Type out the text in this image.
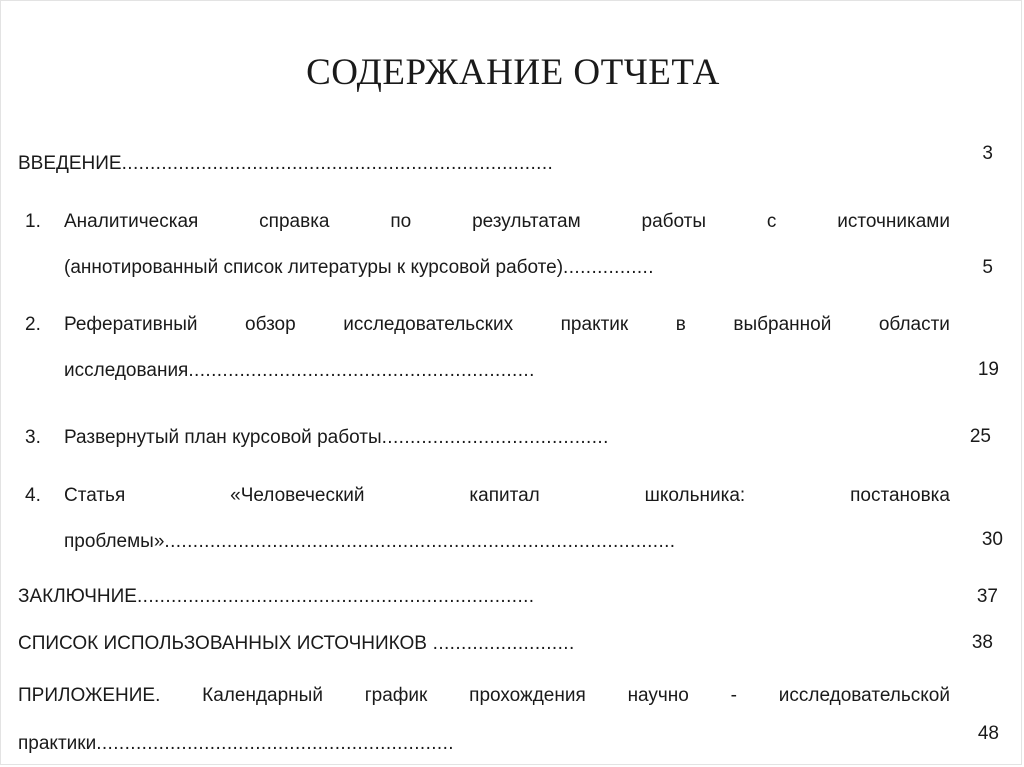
СОДЕРЖАНИЕ ОТЧЕТА
ВВЕДЕНИЕ............................................................................	3
1. Аналитическая	справка	по	результатам	работы	с	источниками
(аннотированный список литературы к курсовой работе)................	5
2. Реферативный	обзор	исследовательских	практик	в	выбранной	области
исследования.............................................................	19
3. Развернутый план курсовой работы........................................	25
4. Статья	«Человеческий	капитал	школьника:	постановка
проблемы»..........................................................................................	30
ЗАКЛЮЧНИЕ......................................................................	37
СПИСОК ИСПОЛЬЗОВАННЫХ ИСТОЧНИКОВ .........................	38
ПРИЛОЖЕНИЕ. Календарный график прохождения научно - исследовательской
практики...............................................................	48
